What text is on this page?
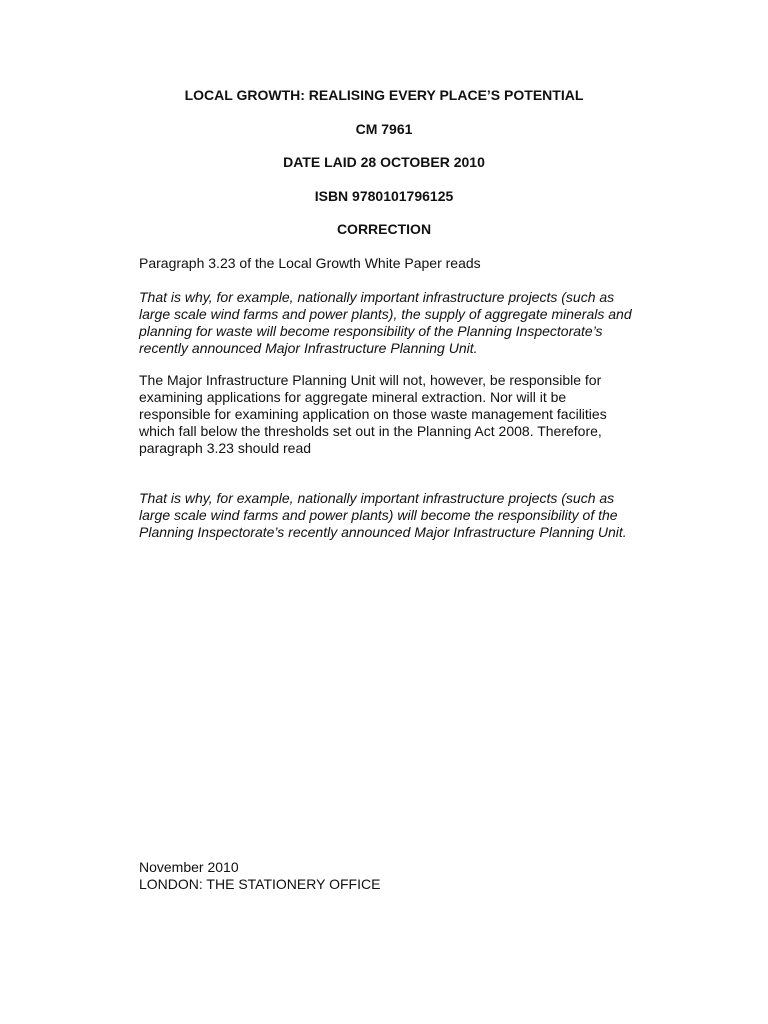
LOCAL GROWTH: REALISING EVERY PLACE’S POTENTIAL

CM 7961

DATE LAID 28 OCTOBER 2010

ISBN 9780101796125

CORRECTION

Paragraph 3.23 of the Local Growth White Paper reads

That is why, for example, nationally important infrastructure projects (such as large scale wind farms and power plants), the supply of aggregate minerals and planning for waste will become responsibility of the Planning Inspectorate’s recently announced Major Infrastructure Planning Unit.

The Major Infrastructure Planning Unit will not, however, be responsible for examining applications for aggregate mineral extraction. Nor will it be responsible for examining application on those waste management facilities which fall below the thresholds set out in the Planning Act 2008. Therefore, paragraph 3.23 should read

That is why, for example, nationally important infrastructure projects (such as large scale wind farms and power plants) will become the responsibility of the Planning Inspectorate’s recently announced Major Infrastructure Planning Unit.

November 2010

LONDON: THE STATIONERY OFFICE
